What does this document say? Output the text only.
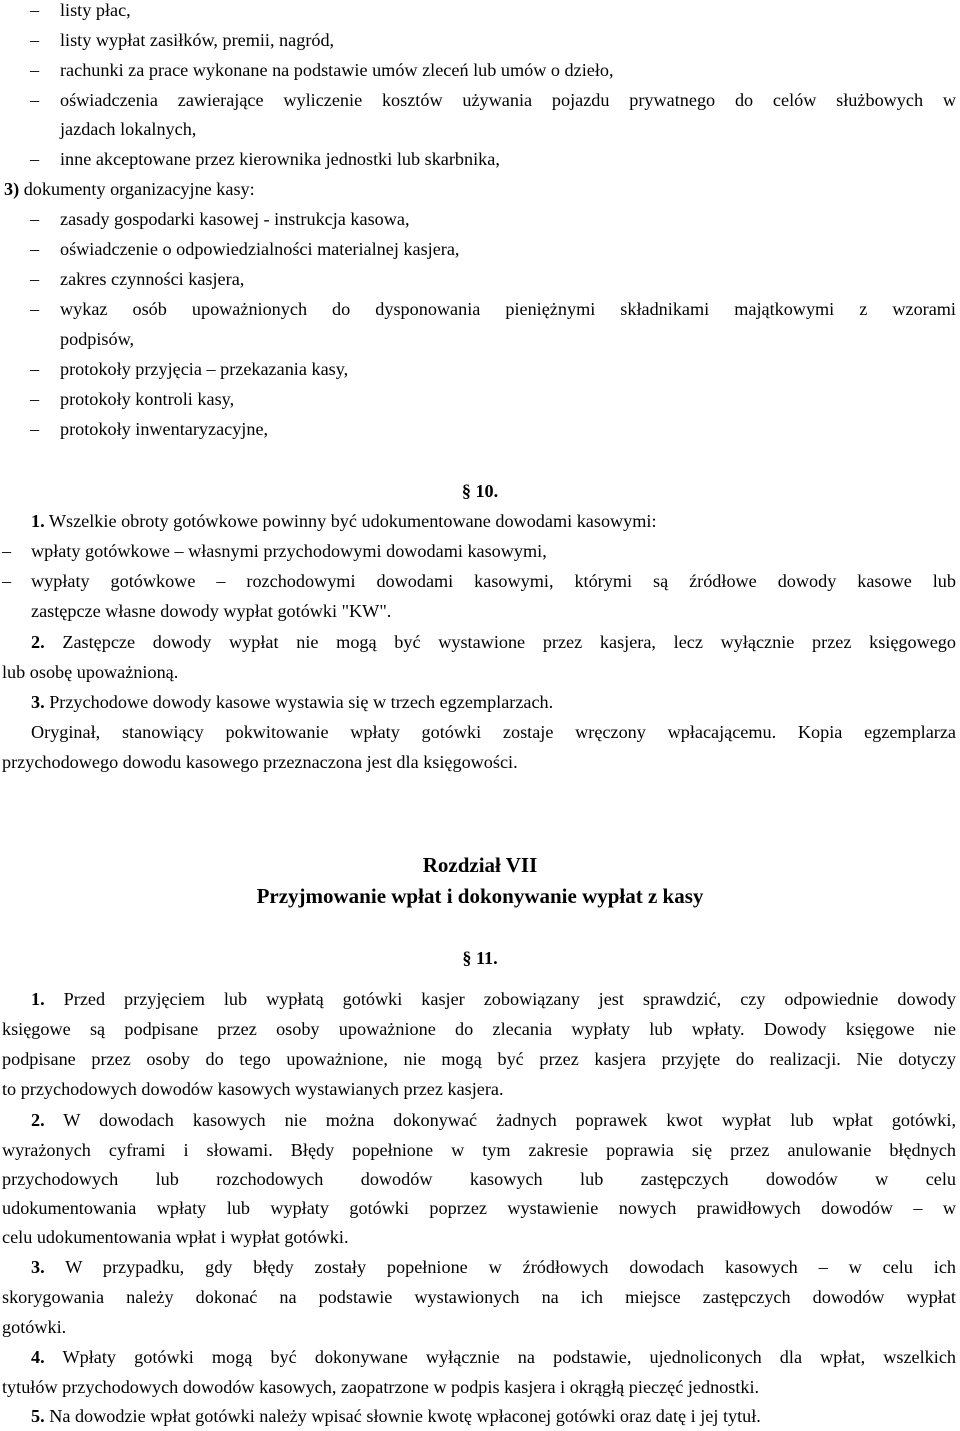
– listy płac,
– listy wypłat zasiłków, premii, nagród,
– rachunki za prace wykonane na podstawie umów zleceń lub umów o dzieło,
– oświadczenia zawierające wyliczenie kosztów używania pojazdu prywatnego do celów służbowych w
jazdach lokalnych,
– inne akceptowane przez kierownika jednostki lub skarbnika,
3) dokumenty organizacyjne kasy:
– zasady gospodarki kasowej - instrukcja kasowa,
– oświadczenie o odpowiedzialności materialnej kasjera,
– zakres czynności kasjera,
– wykaz osób upoważnionych do dysponowania pieniężnymi składnikami majątkowymi z wzorami
podpisów,
– protokoły przyjęcia – przekazania kasy,
– protokoły kontroli kasy,
– protokoły inwentaryzacyjne,
§ 10.
1. Wszelkie obroty gotówkowe powinny być udokumentowane dowodami kasowymi:
– wpłaty gotówkowe – własnymi przychodowymi dowodami kasowymi,
– wypłaty gotówkowe – rozchodowymi dowodami kasowymi, którymi są źródłowe dowody kasowe lub
zastępcze własne dowody wypłat gotówki "KW".
2. Zastępcze dowody wypłat nie mogą być wystawione przez kasjera, lecz wyłącznie przez księgowego
lub osobę upoważnioną.
3. Przychodowe dowody kasowe wystawia się w trzech egzemplarzach.
Oryginał, stanowiący pokwitowanie wpłaty gotówki zostaje wręczony wpłacającemu. Kopia egzemplarza
przychodowego dowodu kasowego przeznaczona jest dla księgowości.
Rozdział VII
Przyjmowanie wpłat i dokonywanie wypłat z kasy
§ 11.
1. Przed przyjęciem lub wypłatą gotówki kasjer zobowiązany jest sprawdzić, czy odpowiednie dowody
księgowe są podpisane przez osoby upoważnione do zlecania wypłaty lub wpłaty. Dowody księgowe nie
podpisane przez osoby do tego upoważnione, nie mogą być przez kasjera przyjęte do realizacji. Nie dotyczy
to przychodowych dowodów kasowych wystawianych przez kasjera.
2. W dowodach kasowych nie można dokonywać żadnych poprawek kwot wypłat lub wpłat gotówki,
wyrażonych cyframi i słowami. Błędy popełnione w tym zakresie poprawia się przez anulowanie błędnych
przychodowych lub rozchodowych dowodów kasowych lub zastępczych dowodów w celu
udokumentowania wpłaty lub wypłaty gotówki poprzez wystawienie nowych prawidłowych dowodów – w
celu udokumentowania wpłat i wypłat gotówki.
3. W przypadku, gdy błędy zostały popełnione w źródłowych dowodach kasowych – w celu ich
skorygowania należy dokonać na podstawie wystawionych na ich miejsce zastępczych dowodów wypłat
gotówki.
4. Wpłaty gotówki mogą być dokonywane wyłącznie na podstawie, ujednoliconych dla wpłat, wszelkich
tytułów przychodowych dowodów kasowych, zaopatrzone w podpis kasjera i okrągłą pieczęć jednostki.
5. Na dowodzie wpłat gotówki należy wpisać słownie kwotę wpłaconej gotówki oraz datę i jej tytuł.
